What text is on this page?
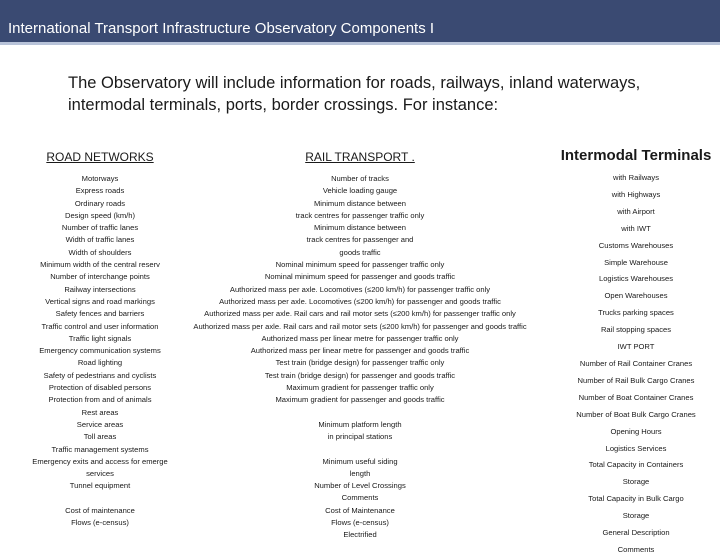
International Transport Infrastructure Observatory Components I
The Observatory will include information for roads, railways, inland waterways,
intermodal terminals, ports, border crossings. For instance:
ROAD NETWORKS
Motorways
Express roads
Ordinary roads
Design speed (km/h)
Number of traffic lanes
Width of traffic lanes
Width of shoulders
Minimum width of the central reserv
Number of interchange points
Railway intersections
Vertical signs and road markings
Safety fences and barriers
Traffic control and user information
Traffic light signals
Emergency communication systems
Road lighting
Safety of pedestrians and cyclists
Protection of disabled persons
Protection from and of animals
Rest areas
Service areas
Toll areas
Traffic management systems
Emergency exits and access for emerge
services
Tunnel equipment

Cost of maintenance
Flows (e-census)
RAIL TRANSPORT .
Number of tracks
Vehicle loading gauge
Minimum distance between
track centres for passenger traffic only
Minimum distance between
track centres for passenger and
goods traffic
Nominal minimum speed for passenger traffic only
Nominal minimum speed for passenger and goods traffic
Authorized mass per axle. Locomotives (≤200 km/h) for passenger traffic only
Authorized mass per axle. Locomotives (≤200 km/h) for passenger and goods traffic
Authorized mass per axle. Rail cars and rail motor sets (≤200 km/h) for passenger traffic only
Authorized mass per axle. Rail cars and rail motor sets (≤200 km/h) for passenger and goods traffic
Authorized mass per linear metre for passenger traffic only
Authorized mass per linear metre for passenger and goods traffic
Test train (bridge design) for passenger traffic only
Test train (bridge design) for passenger and goods traffic
Maximum gradient for passenger traffic only
Maximum gradient for passenger and goods traffic
Minimum platform length
in principal stations

Minimum useful siding
length
Number of Level Crossings
Comments
Cost of Maintenance
Flows (e-census)
Electrified
Intermodal Terminals
with Railways
with Highways
with Airport
with IWT
Customs Warehouses
Simple Warehouse
Logistics Warehouses
Open Warehouses
Trucks parking spaces
Rail stopping spaces
IWT PORT
Number of Rail Container Cranes
Number of Rail Bulk Cargo Cranes
Number of Boat Container Cranes
Number of Boat Bulk Cargo Cranes
Opening Hours
Logistics Services
Total Capacity in Containers
Storage
Total Capacity in Bulk Cargo
Storage
General Description
Comments
